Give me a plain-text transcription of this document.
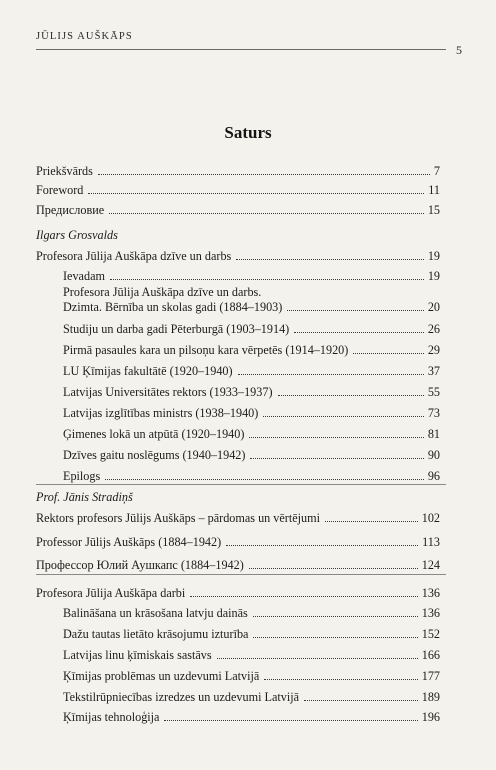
JŪLIJS AUŠKĀPS
5
Saturs
Priekšvārds	7
Foreword	11
Предисловие	15
Ilgars Grosvalds
Profesora Jūlija Auškāpa dzīve un darbs	19
Ievadam	19
Profesora Jūlija Auškāpa dzīve un darbs.
Dzimta. Bērnība un skolas gadi (1884–1903)	20
Studiju un darba gadi Pēterburgā (1903–1914)	26
Pirmā pasaules kara un pilsoņu kara vērpetēs (1914–1920)	29
LU Ķīmijas fakultātē (1920–1940)	37
Latvijas Universitātes rektors (1933–1937)	55
Latvijas izglītības ministrs (1938–1940)	73
Ģimenes lokā un atpūtā (1920–1940)	81
Dzīves gaitu noslēgums (1940–1942)	90
Epilogs	96
Prof. Jānis Stradiņš
Rektors profesors Jūlijs Auškāps – pārdomas un vērtējumi	102
Professor Jūlijs Auškāps (1884–1942)	113
Профессор Юлий Аушкапс (1884–1942)	124
Profesora Jūlija Auškāpa darbi	136
Balināšana un krāsošana latvju dainās	136
Dažu tautas lietāto krāsojumu izturība	152
Latvijas linu ķīmiskais sastāvs	166
Ķīmijas problēmas un uzdevumi Latvijā	177
Tekstilrūpniecības izredzes un uzdevumi Latvijā	189
Ķīmijas tehnoloģija	196
